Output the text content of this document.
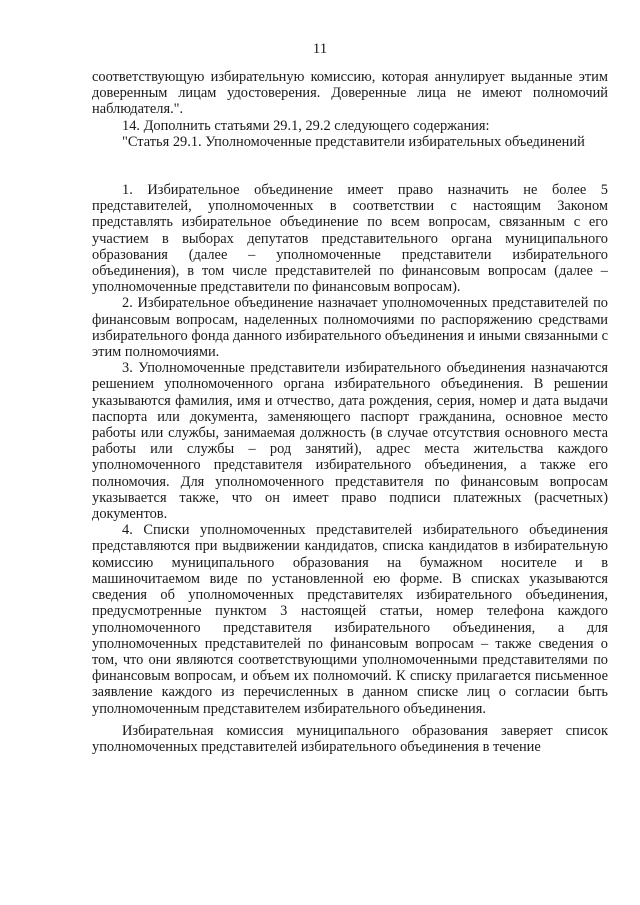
11

соответствующую избирательную комиссию, которая аннулирует выданные этим доверенным лицам удостоверения. Доверенные лица не имеют полномочий наблюдателя.".

14. Дополнить статьями 29.1, 29.2 следующего содержания:

"Статья 29.1. Уполномоченные представители избирательных объединений

1. Избирательное объединение имеет право назначить не более 5 представителей, уполномоченных в соответствии с настоящим Законом представлять избирательное объединение по всем вопросам, связанным с его участием в выборах депутатов представительного органа муниципального образования (далее – уполномоченные представители избирательного объединения), в том числе представителей по финансовым вопросам (далее – уполномоченные представители по финансовым вопросам).

2. Избирательное объединение назначает уполномоченных представителей по финансовым вопросам, наделенных полномочиями по распоряжению средствами избирательного фонда данного избирательного объединения и иными связанными с этим полномочиями.

3. Уполномоченные представители избирательного объединения назначаются решением уполномоченного органа избирательного объединения. В решении указываются фамилия, имя и отчество, дата рождения, серия, номер и дата выдачи паспорта или документа, заменяющего паспорт гражданина, основное место работы или службы, занимаемая должность (в случае отсутствия основного места работы или службы – род занятий), адрес места жительства каждого уполномоченного представителя избирательного объединения, а также его полномочия. Для уполномоченного представителя по финансовым вопросам указывается также, что он имеет право подписи платежных (расчетных) документов.

4. Списки уполномоченных представителей избирательного объединения представляются при выдвижении кандидатов, списка кандидатов в избирательную комиссию муниципального образования на бумажном носителе и в машиночитаемом виде по установленной ею форме. В списках указываются сведения об уполномоченных представителях избирательного объединения, предусмотренные пунктом 3 настоящей статьи, номер телефона каждого уполномоченного представителя избирательного объединения, а для уполномоченных представителей по финансовым вопросам – также сведения о том, что они являются соответствующими уполномоченными представителями по финансовым вопросам, и объем их полномочий. К списку прилагается письменное заявление каждого из перечисленных в данном списке лиц о согласии быть уполномоченным представителем избирательного объединения.

Избирательная комиссия муниципального образования заверяет список уполномоченных представителей избирательного объединения в течение
